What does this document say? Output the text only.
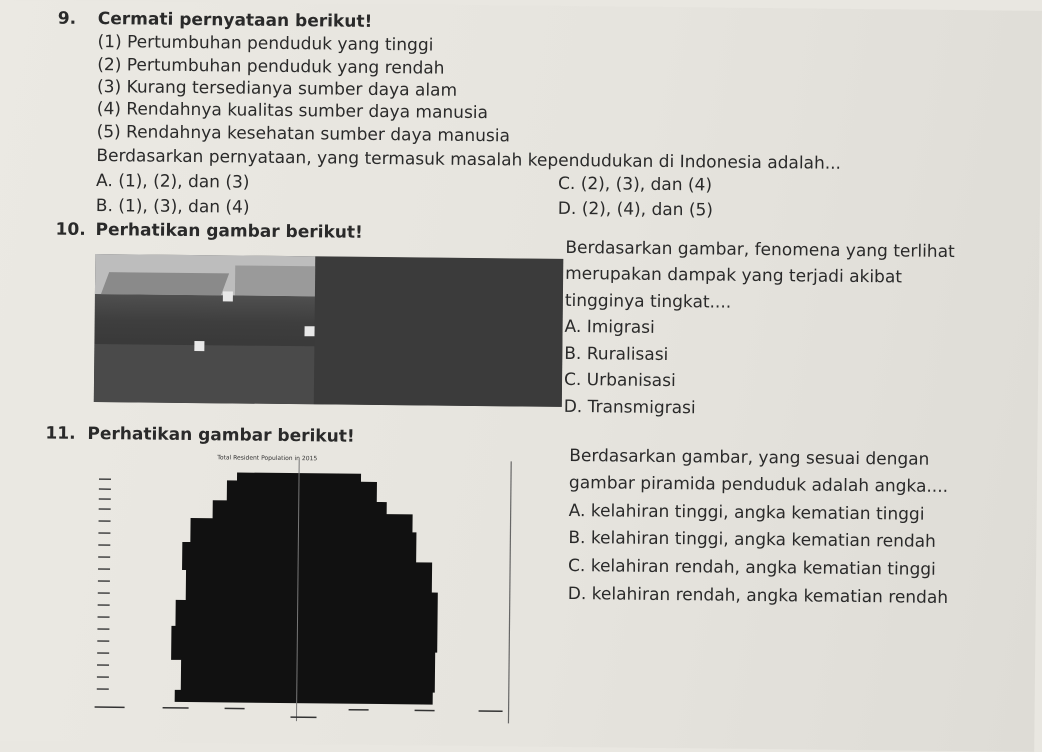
9. Cermati pernyataan berikut!
(1) Pertumbuhan penduduk yang tinggi
(2) Pertumbuhan penduduk yang rendah
(3) Kurang tersedianya sumber daya alam
(4) Rendahnya kualitas sumber daya manusia
(5) Rendahnya kesehatan sumber daya manusia
Berdasarkan pernyataan, yang termasuk masalah kependudukan di Indonesia adalah...
A. (1), (2), dan (3)	C. (2), (3), dan (4)
B. (1), (3), dan (4)	D. (2), (4), dan (5)
10. Perhatikan gambar berikut!
Berdasarkan gambar, fenomena yang terlihat
merupakan dampak yang terjadi akibat
tingginya tingkat....
A. Imigrasi
B. Ruralisasi
C. Urbanisasi
D. Transmigrasi
11. Perhatikan gambar berikut!
Total Resident Population in 2015	Berdasarkan gambar, yang sesuai dengan
gambar piramida penduduk adalah angka....
A. kelahiran tinggi, angka kematian tinggi
B. kelahiran tinggi, angka kematian rendah
C. kelahiran rendah, angka kematian tinggi
D. kelahiran rendah, angka kematian rendah
